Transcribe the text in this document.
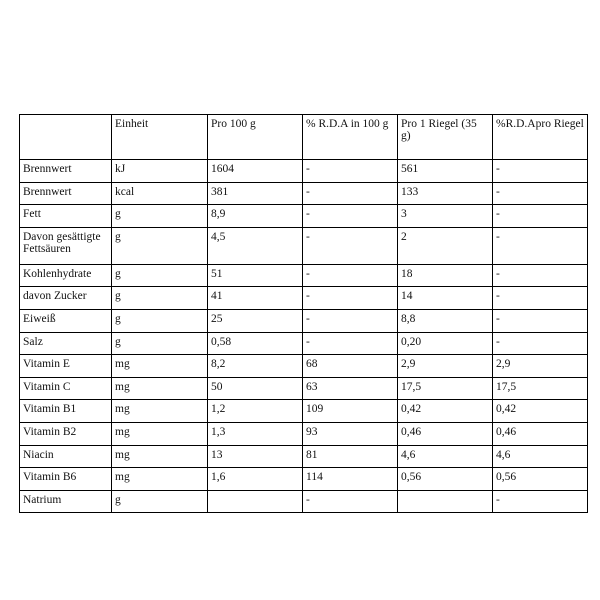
	Einheit	Pro 100 g	% R.D.A in 100 g	Pro 1 Riegel (35 g)	%R.D.Apro Riegel
Brennwert	kJ	1604	-	561	-
Brennwert	kcal	381	-	133	-
Fett	g	8,9	-	3	-
Davon gesättigte Fettsäuren	g	4,5	-	2	-
Kohlenhydrate	g	51	-	18	-
davon Zucker	g	41	-	14	-
Eiweiß	g	25	-	8,8	-
Salz	g	0,58	-	0,20	-
Vitamin E	mg	8,2	68	2,9	2,9
Vitamin C	mg	50	63	17,5	17,5
Vitamin B1	mg	1,2	109	0,42	0,42
Vitamin B2	mg	1,3	93	0,46	0,46
Niacin	mg	13	81	4,6	4,6
Vitamin B6	mg	1,6	114	0,56	0,56
Natrium	g		-		-
